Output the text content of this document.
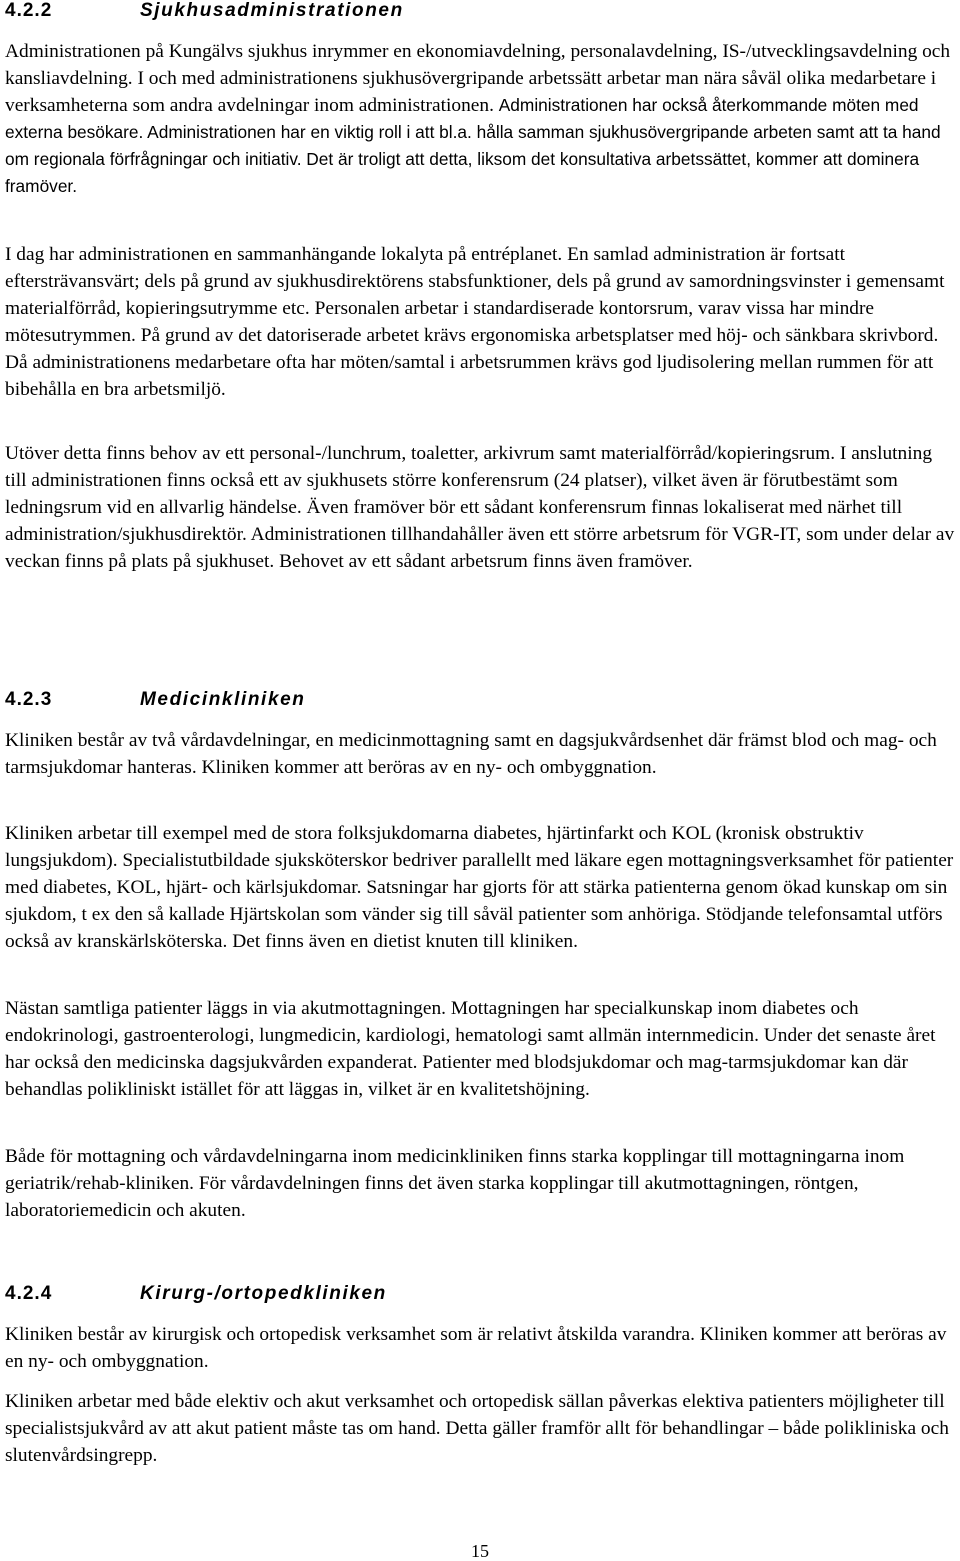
4.2.2	Sjukhusadministrationen

Administrationen på Kungälvs sjukhus inrymmer en ekonomiavdelning, personalavdelning, IS-/utvecklingsavdelning och kansliavdelning. I och med administrationens sjukhusövergripande arbetssätt arbetar man nära såväl olika medarbetare i verksamheterna som andra avdelningar inom administrationen. Administrationen har också återkommande möten med externa besökare. Administrationen har en viktig roll i att bl.a. hålla samman sjukhusövergripande arbeten samt att ta hand om regionala förfrågningar och initiativ. Det är troligt att detta, liksom det konsultativa arbetssättet, kommer att dominera framöver.

I dag har administrationen en sammanhängande lokalyta på entréplanet. En samlad administration är fortsatt eftersträvansvärt; dels på grund av sjukhusdirektörens stabsfunktioner, dels på grund av samordningsvinster i gemensamt materialförråd, kopieringsutrymme etc. Personalen arbetar i standardiserade kontorsrum, varav vissa har mindre mötesutrymmen. På grund av det datoriserade arbetet krävs ergonomiska arbetsplatser med höj- och sänkbara skrivbord. Då administrationens medarbetare ofta har möten/samtal i arbetsrummen krävs god ljudisolering mellan rummen för att bibehålla en bra arbetsmiljö.

Utöver detta finns behov av ett personal-/lunchrum, toaletter, arkivrum samt materialförråd/kopieringsrum. I anslutning till administrationen finns också ett av sjukhusets större konferensrum (24 platser), vilket även är förutbestämt som ledningsrum vid en allvarlig händelse. Även framöver bör ett sådant konferensrum finnas lokaliserat med närhet till administration/sjukhusdirektör. Administrationen tillhandahåller även ett större arbetsrum för VGR-IT, som under delar av veckan finns på plats på sjukhuset. Behovet av ett sådant arbetsrum finns även framöver.

4.2.3	Medicinkliniken

Kliniken består av två vårdavdelningar, en medicinmottagning samt en dagsjukvårdsenhet där främst blod och mag- och tarmsjukdomar hanteras. Kliniken kommer att beröras av en ny- och ombyggnation.

Kliniken arbetar till exempel med de stora folksjukdomarna diabetes, hjärtinfarkt och KOL (kronisk obstruktiv lungsjukdom). Specialistutbildade sjuksköterskor bedriver parallellt med läkare egen mottagningsverksamhet för patienter med diabetes, KOL, hjärt- och kärlsjukdomar. Satsningar har gjorts för att stärka patienterna genom ökad kunskap om sin sjukdom, t ex den så kallade Hjärtskolan som vänder sig till såväl patienter som anhöriga. Stödjande telefonsamtal utförs också av kranskärlsköterska. Det finns även en dietist knuten till kliniken.

Nästan samtliga patienter läggs in via akutmottagningen. Mottagningen har specialkunskap inom diabetes och endokrinologi, gastroenterologi, lungmedicin, kardiologi, hematologi samt allmän internmedicin. Under det senaste året har också den medicinska dagsjukvården expanderat. Patienter med blodsjukdomar och mag-tarmsjukdomar kan där behandlas polikliniskt istället för att läggas in, vilket är en kvalitetshöjning.

Både för mottagning och vårdavdelningarna inom medicinkliniken finns starka kopplingar till mottagningarna inom geriatrik/rehab-kliniken. För vårdavdelningen finns det även starka kopplingar till akutmottagningen, röntgen, laboratoriemedicin och akuten.

4.2.4	Kirurg-/ortopedkliniken

Kliniken består av kirurgisk och ortopedisk verksamhet som är relativt åtskilda varandra. Kliniken kommer att beröras av en ny- och ombyggnation.

Kliniken arbetar med både elektiv och akut verksamhet och ortopedisk sällan påverkas elektiva patienters möjligheter till specialistsjukvård av att akut patient måste tas om hand. Detta gäller framför allt för behandlingar – både polikliniska och slutenvårdsingrepp.

15
